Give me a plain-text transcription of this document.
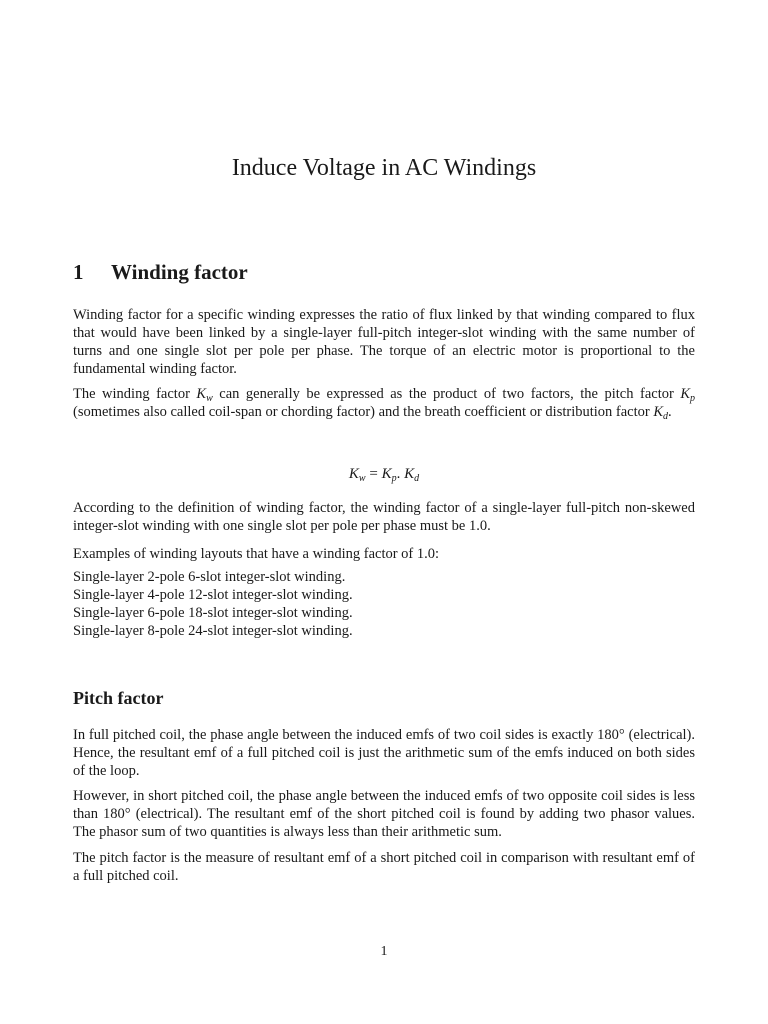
Induce Voltage in AC Windings
1 Winding factor

Winding factor for a specific winding expresses the ratio of flux linked by that winding compared to flux that would have been linked by a single-layer full-pitch integer-slot winding with the same number of turns and one single slot per pole per phase. The torque of an electric motor is proportional to the fundamental winding factor.

The winding factor $K_w$ can generally be expressed as the product of two factors, the pitch factor $K_p$ (sometimes also called coil-span or chording factor) and the breath coefficient or distribution factor $K_d$.

$K_w = K_p$. $K_d$

According to the definition of winding factor, the winding factor of a single-layer full-pitch non-skewed integer-slot winding with one single slot per pole per phase must be 1.0.

Examples of winding layouts that have a winding factor of 1.0:

Single-layer 2-pole 6-slot integer-slot winding.
Single-layer 4-pole 12-slot integer-slot winding.
Single-layer 6-pole 18-slot integer-slot winding.
Single-layer 8-pole 24-slot integer-slot winding.
Pitch factor

In full pitched coil, the phase angle between the induced emfs of two coil sides is exactly 180° (electrical). Hence, the resultant emf of a full pitched coil is just the arithmetic sum of the emfs induced on both sides of the loop.

However, in short pitched coil, the phase angle between the induced emfs of two opposite coil sides is less than 180° (electrical). The resultant emf of the short pitched coil is found by adding two phasor values. The phasor sum of two quantities is always less than their arithmetic sum.

The pitch factor is the measure of resultant emf of a short pitched coil in comparison with resultant emf of a full pitched coil.

1
